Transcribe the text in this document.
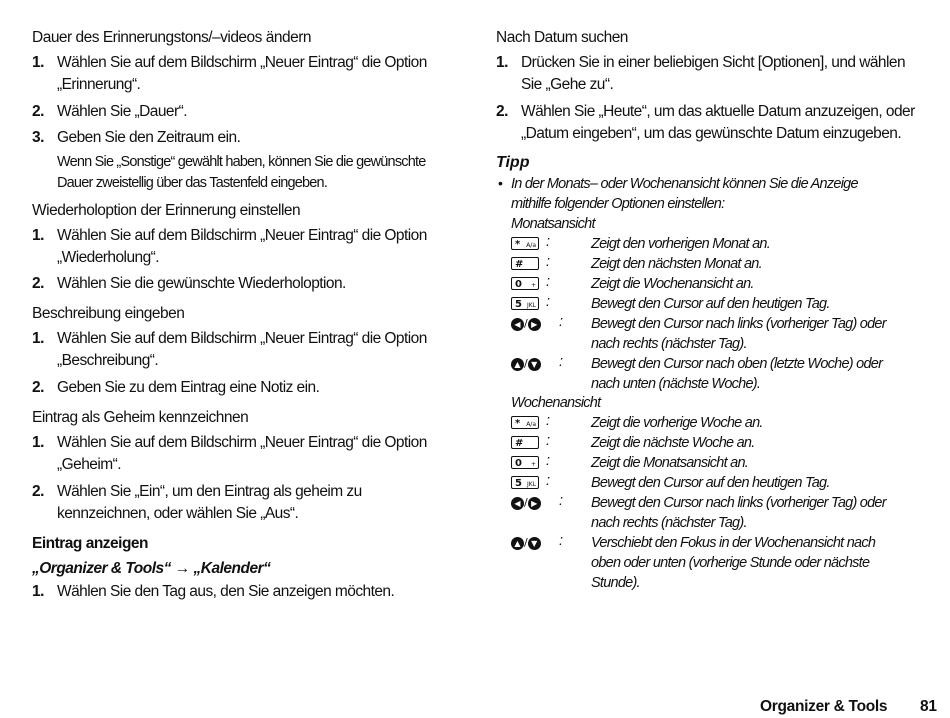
Dauer des Erinnerungstons/–videos ändern
1. Wählen Sie auf dem Bildschirm „Neuer Eintrag“ die Option
„Erinnerung“.
2. Wählen Sie „Dauer“.
3. Geben Sie den Zeitraum ein.
Wenn Sie „Sonstige“ gewählt haben, können Sie die gewünschte
Dauer zweistellig über das Tastenfeld eingeben.
Wiederholoption der Erinnerung einstellen
1. Wählen Sie auf dem Bildschirm „Neuer Eintrag“ die Option
„Wiederholung“.
2. Wählen Sie die gewünschte Wiederholoption.
Beschreibung eingeben
1. Wählen Sie auf dem Bildschirm „Neuer Eintrag“ die Option
„Beschreibung“.
2. Geben Sie zu dem Eintrag eine Notiz ein.
Eintrag als Geheim kennzeichnen
1. Wählen Sie auf dem Bildschirm „Neuer Eintrag“ die Option
„Geheim“.
2. Wählen Sie „Ein“, um den Eintrag als geheim zu
kennzeichnen, oder wählen Sie „Aus“.
Eintrag anzeigen
„Organizer & Tools“ → „Kalender“
1. Wählen Sie den Tag aus, den Sie anzeigen möchten.
Nach Datum suchen
1. Drücken Sie in einer beliebigen Sicht [Optionen], und wählen
Sie „Gehe zu“.
2. Wählen Sie „Heute“, um das aktuelle Datum anzuzeigen, oder
„Datum eingeben“, um das gewünschte Datum einzugeben.
Tipp
• In der Monats– oder Wochenansicht können Sie die Anzeige
mithilfe folgender Optionen einstellen:
Monatsansicht
* A/a :	Zeigt den vorherigen Monat an.
#	:	Zeigt den nächsten Monat an.
0 + :	Zeigt die Wochenansicht an.
5 JKL :	Bewegt den Cursor auf den heutigen Tag.
◀ / ▶ : Bewegt den Cursor nach links (vorheriger Tag) oder
nach rechts (nächster Tag).
▲ / ▼ : Bewegt den Cursor nach oben (letzte Woche) oder
nach unten (nächste Woche).
Wochenansicht
* A/a :	Zeigt die vorherige Woche an.
#	:	Zeigt die nächste Woche an.
0 + :	Zeigt die Monatsansicht an.
5 JKL :	Bewegt den Cursor auf den heutigen Tag.
◀ / ▶ : Bewegt den Cursor nach links (vorheriger Tag) oder
nach rechts (nächster Tag).
▲ / ▼ : Verschiebt den Fokus in der Wochenansicht nach
oben oder unten (vorherige Stunde oder nächste
Stunde).
Organizer & Tools 81
